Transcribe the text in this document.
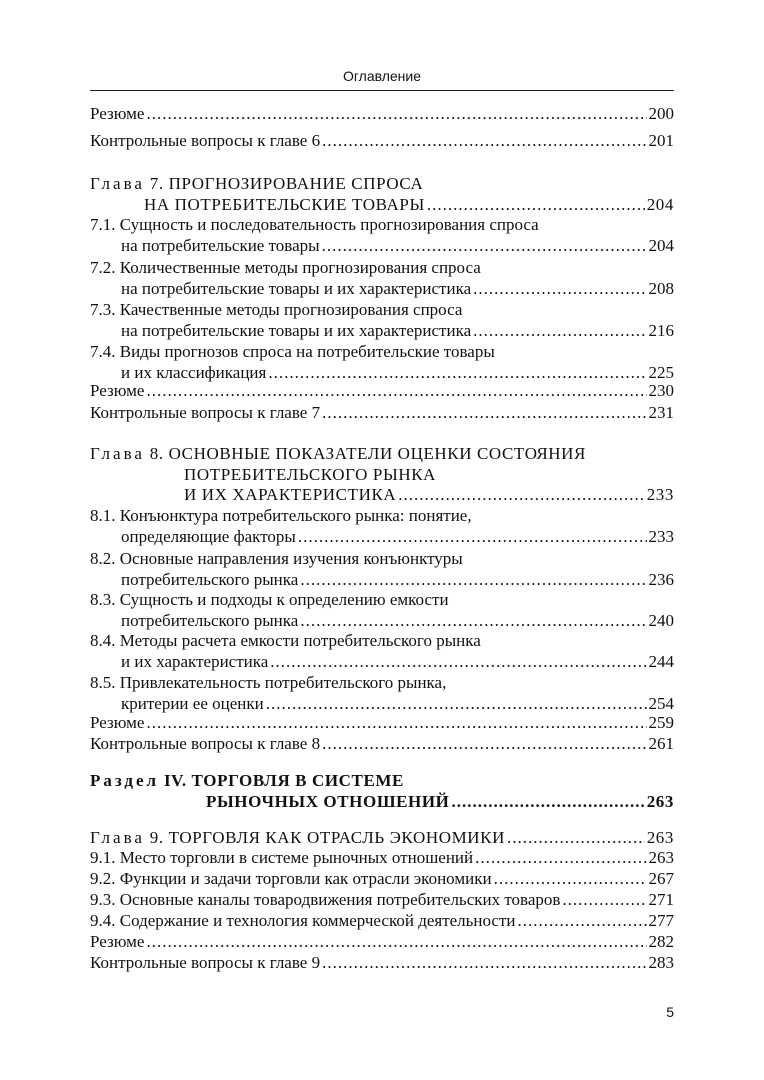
Оглавление
Резюме .....	200
Контрольные вопросы к главе 6 .....	201
Глава 7. ПРОГНОЗИРОВАНИЕ СПРОСА
НА ПОТРЕБИТЕЛЬСКИЕ ТОВАРЫ .....	204
7.1. Сущность и последовательность прогнозирования спроса
на потребительские товары .....	204
7.2. Количественные методы прогнозирования спроса
на потребительские товары и их характеристика .....	208
7.3. Качественные методы прогнозирования спроса
на потребительские товары и их характеристика .....	216
7.4. Виды прогнозов спроса на потребительские товары
и их классификация .....	225
Резюме .....	230
Контрольные вопросы к главе 7 .....	231
Глава 8. ОСНОВНЫЕ ПОКАЗАТЕЛИ ОЦЕНКИ СОСТОЯНИЯ
ПОТРЕБИТЕЛЬСКОГО РЫНКА
И ИХ ХАРАКТЕРИСТИКА .....	233
8.1. Конъюнктура потребительского рынка: понятие,
определяющие факторы .....	233
8.2. Основные направления изучения конъюнктуры
потребительского рынка .....	236
8.3. Сущность и подходы к определению емкости
потребительского рынка .....	240
8.4. Методы расчета емкости потребительского рынка
и их характеристика .....	244
8.5. Привлекательность потребительского рынка,
критерии ее оценки .....	254
Резюме .....	259
Контрольные вопросы к главе 8 .....	261
Раздел IV. ТОРГОВЛЯ В СИСТЕМЕ
РЫНОЧНЫХ ОТНОШЕНИЙ .....	263
Глава 9. ТОРГОВЛЯ КАК ОТРАСЛЬ ЭКОНОМИКИ .....	263
9.1. Место торговли в системе рыночных отношений .....	263
9.2. Функции и задачи торговли как отрасли экономики .....	267
9.3. Основные каналы товародвижения потребительских товаров .....	271
9.4. Содержание и технология коммерческой деятельности .....	277
Резюме .....	282
Контрольные вопросы к главе 9 .....	283
5
